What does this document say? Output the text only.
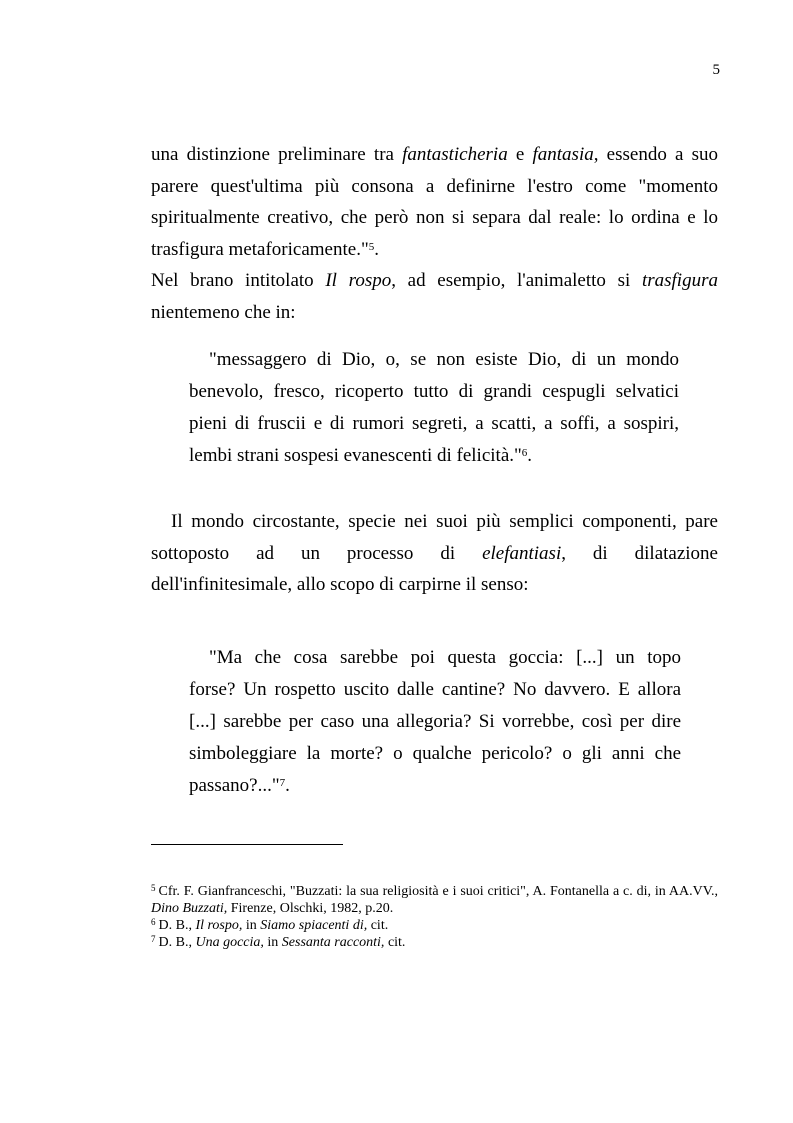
5
una distinzione preliminare tra fantasticheria e fantasia, essendo a suo
parere quest'ultima più consona a definirne l'estro come "momento
spiritualmente creativo, che però non si separa dal reale: lo ordina e lo
trasfigura metaforicamente."$^5$.
Nel brano intitolato Il rospo, ad esempio, l'animaletto si trasfigura
nientemeno che in:
"messaggero di Dio, o, se non esiste Dio, di un mondo
benevolo, fresco, ricoperto tutto di grandi cespugli selvatici
pieni di fruscii e di rumori segreti, a scatti, a soffi, a sospiri,
lembi strani sospesi evanescenti di felicità."$^6$.
Il mondo circostante, specie nei suoi più semplici componenti, pare
sottoposto ad un processo di elefantiasi, di dilatazione
dell'infinitesimale, allo scopo di carpirne il senso:
"Ma che cosa sarebbe poi questa goccia: [...] un topo
forse? Un rospetto uscito dalle cantine? No davvero. E allora
[...] sarebbe per caso una allegoria? Si vorrebbe, così per dire
simboleggiare la morte? o qualche pericolo? o gli anni che
passano?..."$^7$.
$^5$ Cfr. F. Gianfranceschi, "Buzzati: la sua religiosità e i suoi critici", A. Fontanella a c. di, in AA.VV., Dino Buzzati, Firenze, Olschki, 1982, p.20.
$^6$ D. B., Il rospo, in Siamo spiacenti di, cit.
$^7$ D. B., Una goccia, in Sessanta racconti, cit.
